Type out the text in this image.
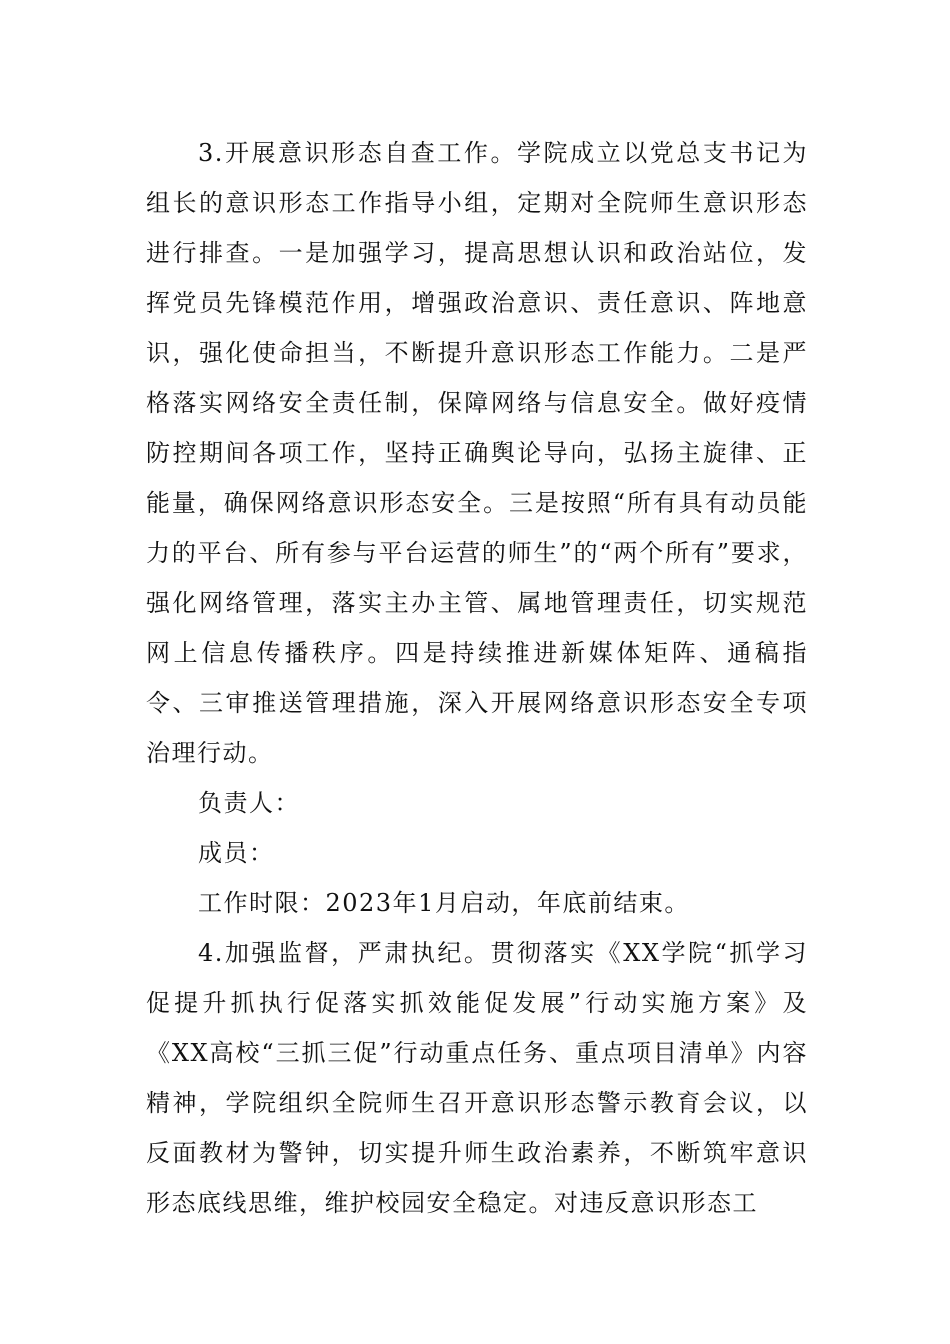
3.开展意识形态自查工作。学院成立以党总支书记为组长的意识形态工作指导小组，定期对全院师生意识形态进行排查。一是加强学习，提高思想认识和政治站位，发挥党员先锋模范作用，增强政治意识、责任意识、阵地意识，强化使命担当，不断提升意识形态工作能力。二是严格落实网络安全责任制，保障网络与信息安全。做好疫情防控期间各项工作，坚持正确舆论导向，弘扬主旋律、正能量，确保网络意识形态安全。三是按照“所有具有动员能力的平台、所有参与平台运营的师生”的“两个所有”要求，强化网络管理，落实主办主管、属地管理责任，切实规范网上信息传播秩序。四是持续推进新媒体矩阵、通稿指令、三审推送管理措施，深入开展网络意识形态安全专项治理行动。

负责人：

成员：

工作时限：2023年1月启动，年底前结束。

4.加强监督，严肃执纪。贯彻落实《XX学院“抓学习促提升抓执行促落实抓效能促发展”行动实施方案》及《XX高校“三抓三促”行动重点任务、重点项目清单》内容精神，学院组织全院师生召开意识形态警示教育会议，以反面教材为警钟，切实提升师生政治素养，不断筑牢意识形态底线思维，维护校园安全稳定。对违反意识形态工
